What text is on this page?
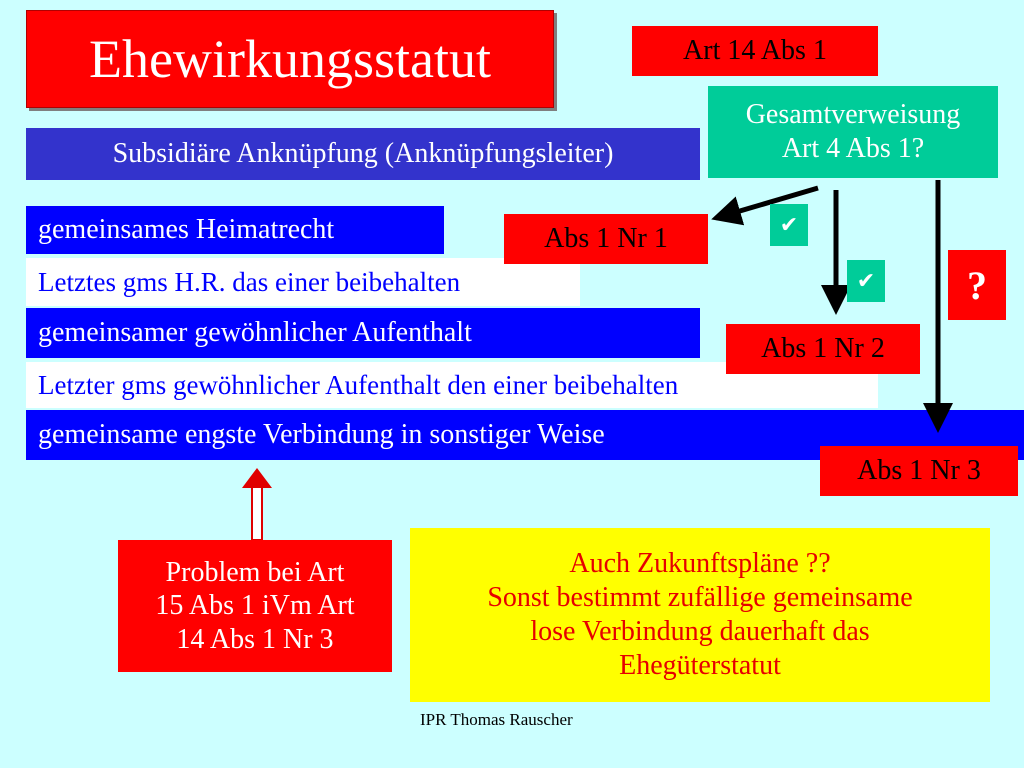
Ehewirkungsstatut
Subsidiäre Anknüpfung (Anknüpfungsleiter)
Art 14 Abs 1
Gesamtverweisung
Art 4 Abs 1?
gemeinsames Heimatrecht
Letztes gms H.R. das einer beibehalten
gemeinsamer gewöhnlicher Aufenthalt
Letzter gms gewöhnlicher Aufenthalt den einer beibehalten
gemeinsame engste Verbindung in sonstiger Weise
Abs 1 Nr 1
Abs 1 Nr 2
Abs 1 Nr 3
?
✔
✔
Problem bei Art
15 Abs 1 iVm Art
14 Abs 1 Nr 3
Auch Zukunftspläne ??
Sonst bestimmt zufällige gemeinsame
lose Verbindung dauerhaft das
Ehegüterstatut
IPR Thomas Rauscher
